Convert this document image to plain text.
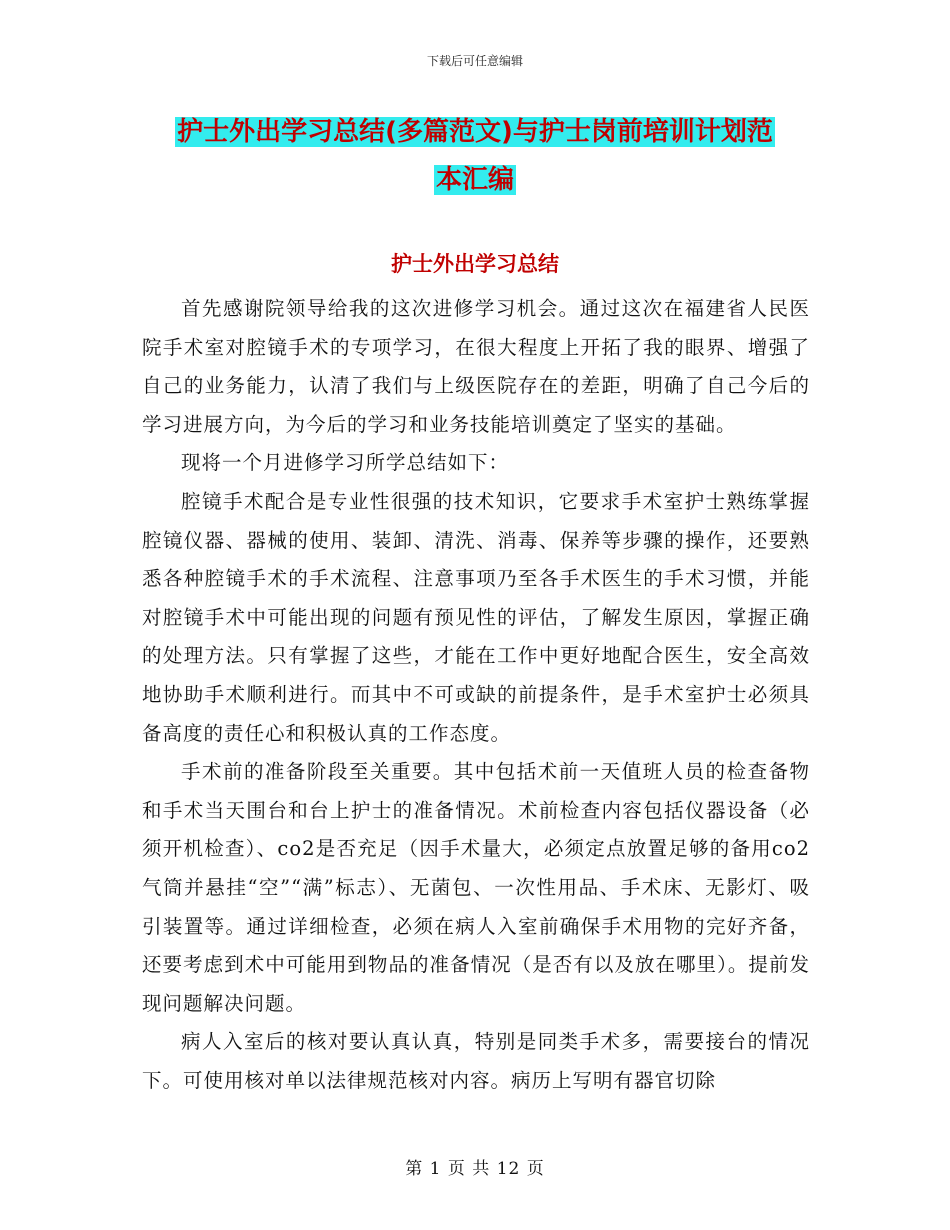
下载后可任意编辑
护士外出学习总结(多篇范文)与护士岗前培训计划范
本汇编
护士外出学习总结

首先感谢院领导给我的这次进修学习机会。通过这次在福建省人民医院手术室对腔镜手术的专项学习，在很大程度上开拓了我的眼界、增强了自己的业务能力，认清了我们与上级医院存在的差距，明确了自己今后的学习进展方向，为今后的学习和业务技能培训奠定了坚实的基础。

现将一个月进修学习所学总结如下：

腔镜手术配合是专业性很强的技术知识，它要求手术室护士熟练掌握腔镜仪器、器械的使用、装卸、清洗、消毒、保养等步骤的操作，还要熟悉各种腔镜手术的手术流程、注意事项乃至各手术医生的手术习惯，并能对腔镜手术中可能出现的问题有预见性的评估，了解发生原因，掌握正确的处理方法。只有掌握了这些，才能在工作中更好地配合医生，安全高效地协助手术顺利进行。而其中不可或缺的前提条件，是手术室护士必须具备高度的责任心和积极认真的工作态度。

手术前的准备阶段至关重要。其中包括术前一天值班人员的检查备物和手术当天围台和台上护士的准备情况。术前检查内容包括仪器设备（必须开机检查）、co2是否充足（因手术量大，必须定点放置足够的备用co2气筒并悬挂“空”“满”标志）、无菌包、一次性用品、手术床、无影灯、吸引装置等。通过详细检查，必须在病人入室前确保手术用物的完好齐备，还要考虑到术中可能用到物品的准备情况（是否有以及放在哪里）。提前发现问题解决问题。

病人入室后的核对要认真认真，特别是同类手术多，需要接台的情况下。可使用核对单以法律规范核对内容。病历上写明有器官切除

第 1 页 共 12 页
